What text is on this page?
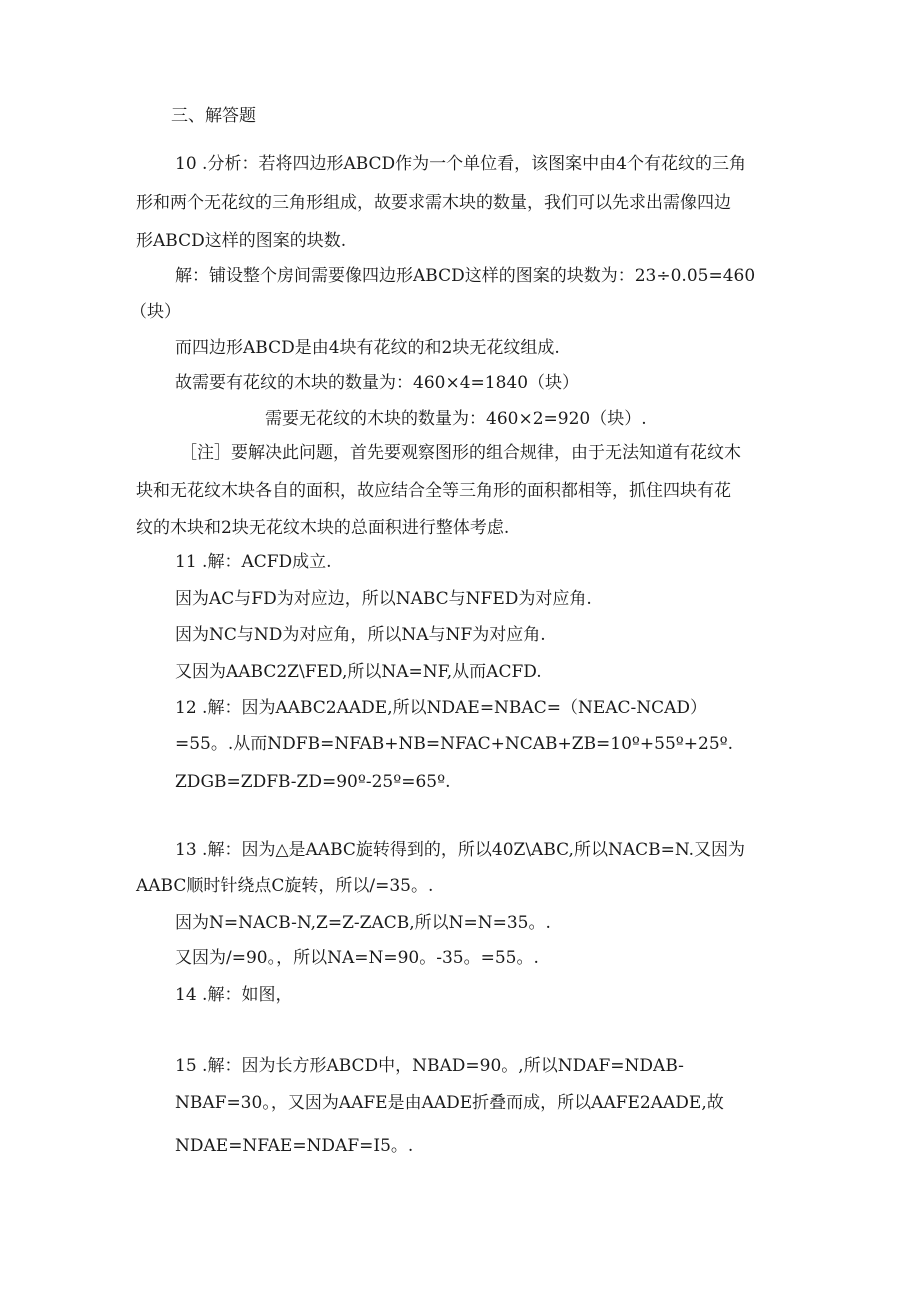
三、解答题
10 .分析：若将四边形ABCD作为一个单位看，该图案中由4个有花纹的三角
形和两个无花纹的三角形组成，故要求需木块的数量，我们可以先求出需像四边
形ABCD这样的图案的块数.
解：铺设整个房间需要像四边形ABCD这样的图案的块数为：23÷0.05=460
（块）
而四边形ABCD是由4块有花纹的和2块无花纹组成.
故需要有花纹的木块的数量为：460×4=1840（块）
需要无花纹的木块的数量为：460×2=920（块）.
［注］要解决此问题，首先要观察图形的组合规律，由于无法知道有花纹木
块和无花纹木块各自的面积，故应结合全等三角形的面积都相等，抓住四块有花
纹的木块和2块无花纹木块的总面积进行整体考虑.
11 .解：ACFD成立.
因为AC与FD为对应边，所以NABC与NFED为对应角.
因为NC与ND为对应角，所以NA与NF为对应角.
又因为AABC2Z\FED,所以NA=NF,从而ACFD.
12 .解：因为AABC2AADE,所以NDAE=NBAC=（NEAC-NCAD）
=55。.从而NDFB=NFAB+NB=NFAC+NCAB+ZB=10º+55º+25º.
ZDGB=ZDFB-ZD=90º-25º=65º.
13 .解：因为△是AABC旋转得到的，所以40Z\ABC,所以NACB=N.又因为
AABC顺时针绕点C旋转，所以/=35。.
因为N=NACB-N,Z=Z-ZACB,所以N=N=35。.
又因为/=90。，所以NA=N=90。-35。=55。.
14 .解：如图，
15 .解：因为长方形ABCD中，NBAD=90。,所以NDAF=NDAB-
NBAF=30。，又因为AAFE是由AADE折叠而成，所以AAFE2AADE,故
NDAE=NFAE=NDAF=I5。.
